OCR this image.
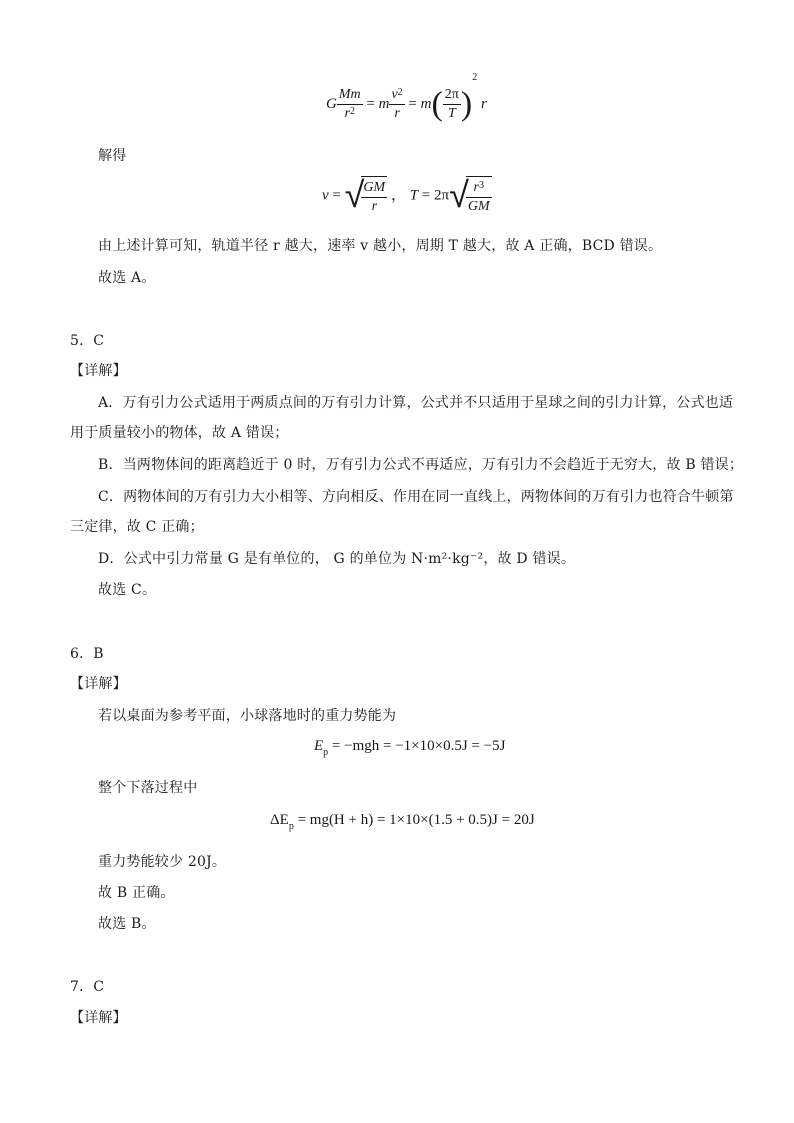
G $\frac{Mm}{r^2} = m \frac{v^2}{r} = m( \frac{2\pi}{T} )^2$ r
解得
v = √
$\frac{GM}{r}$ ， T = 2π√
$\frac{r^3}{GM}$
由上述计算可知，轨道半径 r 越大，速率 v 越小，周期 T 越大，故 A 正确，BCD 错误。
故选 A。
5．C
【详解】
A．万有引力公式适用于两质点间的万有引力计算，公式并不只适用于星球之间的引力计算，公式也适
用于质量较小的物体，故 A 错误；
B．当两物体间的距离趋近于 0 时，万有引力公式不再适应，万有引力不会趋近于无穷大，故 B 错误；
C．两物体间的万有引力大小相等、方向相反、作用在同一直线上，两物体间的万有引力也符合牛顿第
三定律，故 C 正确；
D．公式中引力常量 G 是有单位的， G 的单位为 N·m²·kg⁻²，故 D 错误。
故选 C。
6．B
【详解】
若以桌面为参考平面，小球落地时的重力势能为
$E_p = -mgh = -1\times 10\times 0.5J = -5J$
整个下落过程中
$\Delta E_p = mg(H + h) = 1\times 10\times(1.5 + 0.5)J = 20J$
重力势能较少 20J。
故 B 正确。
故选 B。
7．C
【详解】
